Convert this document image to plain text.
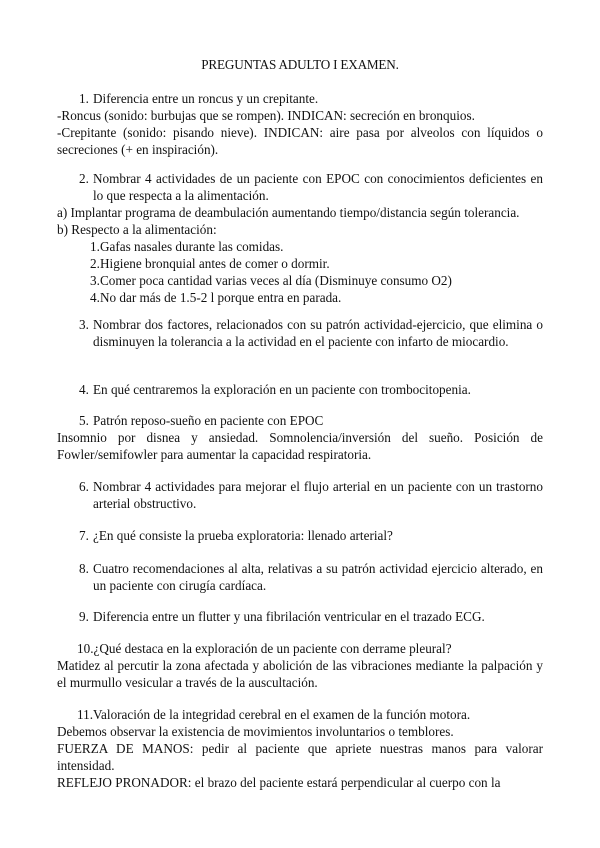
PREGUNTAS ADULTO I EXAMEN.
1. Diferencia entre un roncus y un crepitante.
-Roncus (sonido: burbujas que se rompen). INDICAN: secreción en bronquios.
-Crepitante (sonido: pisando nieve). INDICAN: aire pasa por alveolos con líquidos o secreciones (+ en inspiración).
2. Nombrar 4 actividades de un paciente con EPOC con conocimientos deficientes en lo que respecta a la alimentación.
a) Implantar programa de deambulación aumentando tiempo/distancia según tolerancia.
b) Respecto a la alimentación:
1. Gafas nasales durante las comidas.
2. Higiene bronquial antes de comer o dormir.
3. Comer poca cantidad varias veces al día (Disminuye consumo O2)
4. No dar más de 1.5-2 l porque entra en parada.
3. Nombrar dos factores, relacionados con su patrón actividad-ejercicio, que elimina o disminuyen la tolerancia a la actividad en el paciente con infarto de miocardio.
4. En qué centraremos la exploración en un paciente con trombocitopenia.
5. Patrón reposo-sueño en paciente con EPOC
Insomnio por disnea y ansiedad. Somnolencia/inversión del sueño. Posición de Fowler/semifowler para aumentar la capacidad respiratoria.
6. Nombrar 4 actividades para mejorar el flujo arterial en un paciente con un trastorno arterial obstructivo.
7. ¿En qué consiste la prueba exploratoria: llenado arterial?
8. Cuatro recomendaciones al alta, relativas a su patrón actividad ejercicio alterado, en un paciente con cirugía cardíaca.
9. Diferencia entre un flutter y una fibrilación ventricular en el trazado ECG.
10.¿Qué destaca en la exploración de un paciente con derrame pleural?
Matidez al percutir la zona afectada y abolición de las vibraciones mediante la palpación y el murmullo vesicular a través de la auscultación.
11.Valoración de la integridad cerebral en el examen de la función motora.
Debemos observar la existencia de movimientos involuntarios o temblores.
FUERZA DE MANOS: pedir al paciente que apriete nuestras manos para valorar intensidad.
REFLEJO PRONADOR: el brazo del paciente estará perpendicular al cuerpo con la
